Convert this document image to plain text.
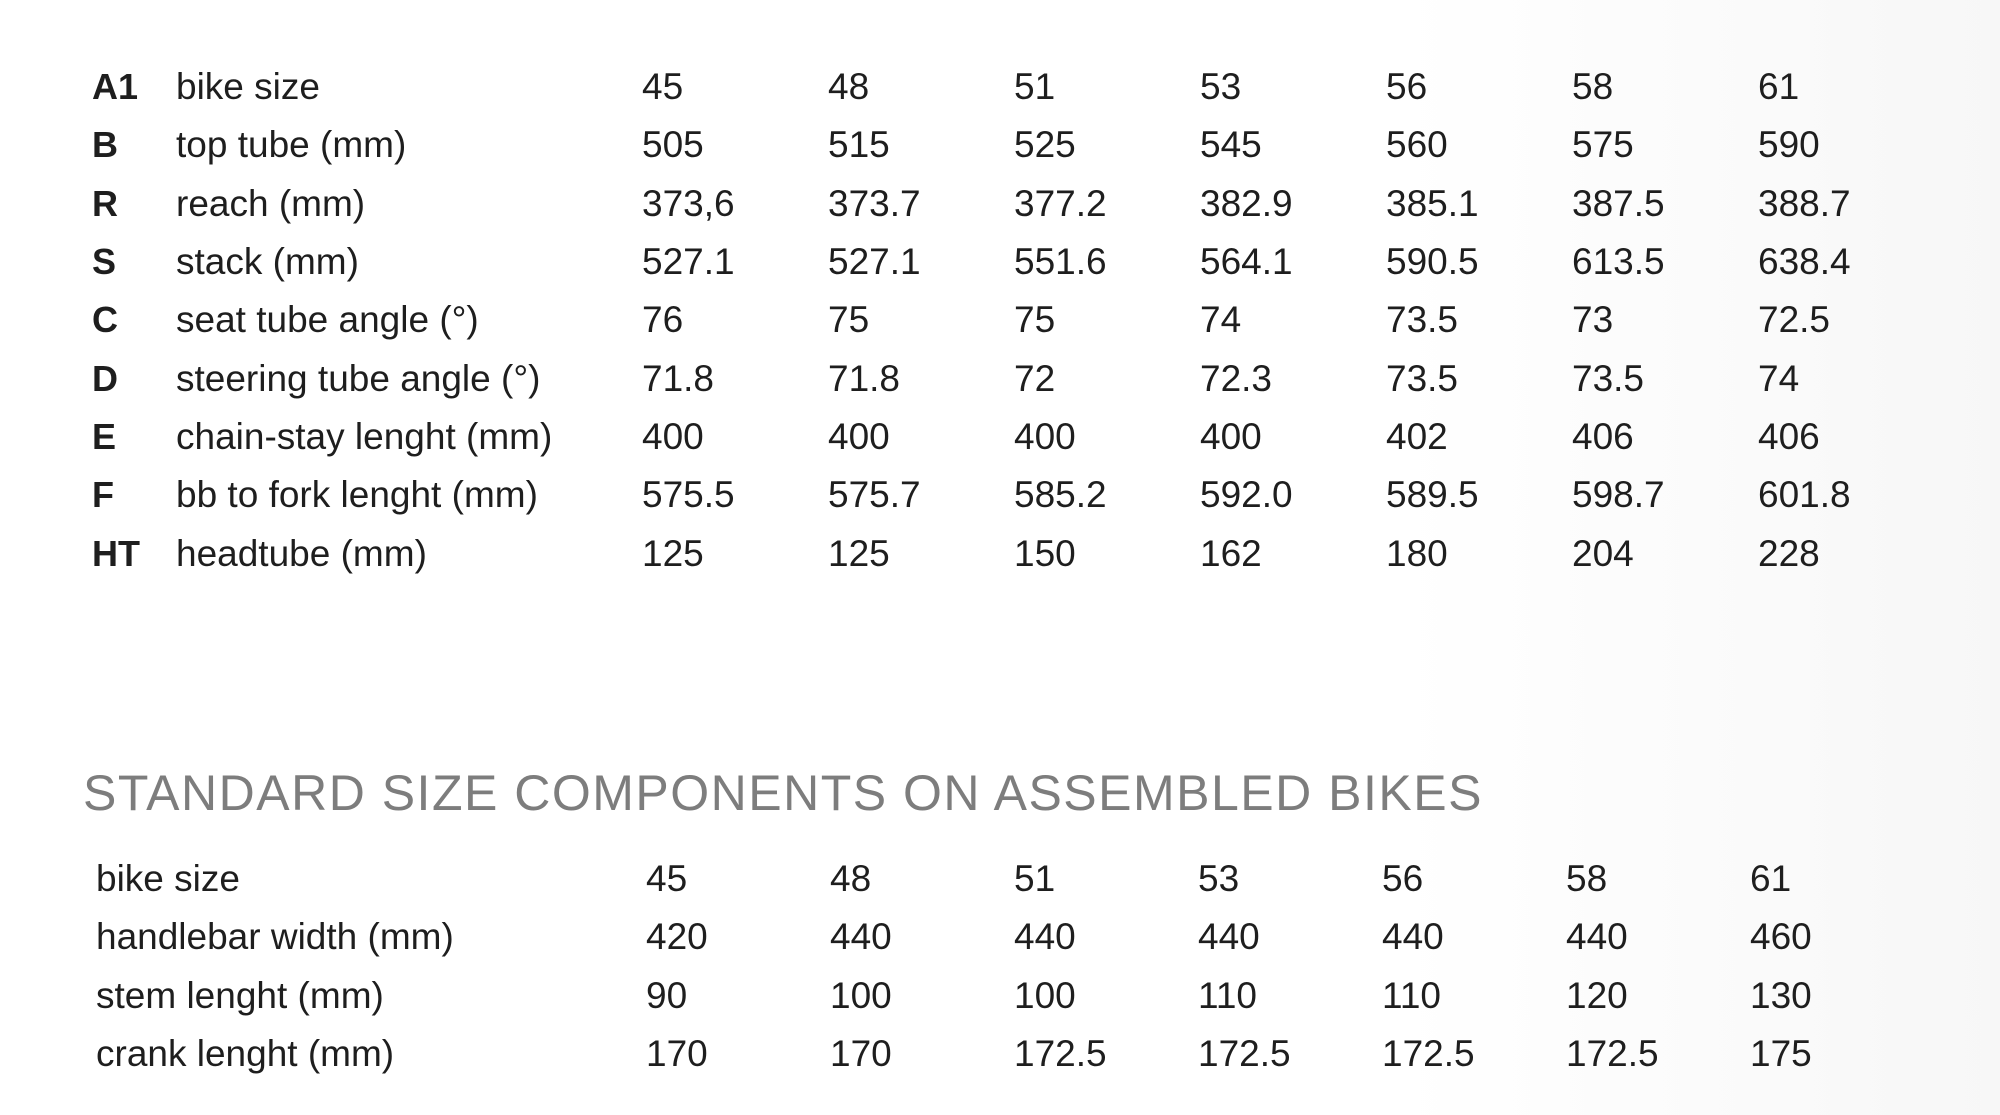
A1	bike size	45	48	51	53	56	58	61
B	top tube (mm)	505	515	525	545	560	575	590
R	reach (mm)	373,6	373.7	377.2	382.9	385.1	387.5	388.7
S	stack (mm)	527.1	527.1	551.6	564.1	590.5	613.5	638.4
C	seat tube angle (°)	76	75	75	74	73.5	73	72.5
D	steering tube angle (°)	71.8	71.8	72	72.3	73.5	73.5	74
E	chain-stay lenght (mm)	400	400	400	400	402	406	406
F	bb to fork lenght (mm)	575.5	575.7	585.2	592.0	589.5	598.7	601.8
HT	headtube (mm)	125	125	150	162	180	204	228
STANDARD SIZE COMPONENTS ON ASSEMBLED BIKES
bike size	45	48	51	53	56	58	61
handlebar width (mm)	420	440	440	440	440	440	460
stem lenght (mm)	90	100	100	110	110	120	130
crank lenght (mm)	170	170	172.5	172.5	172.5	172.5	175
